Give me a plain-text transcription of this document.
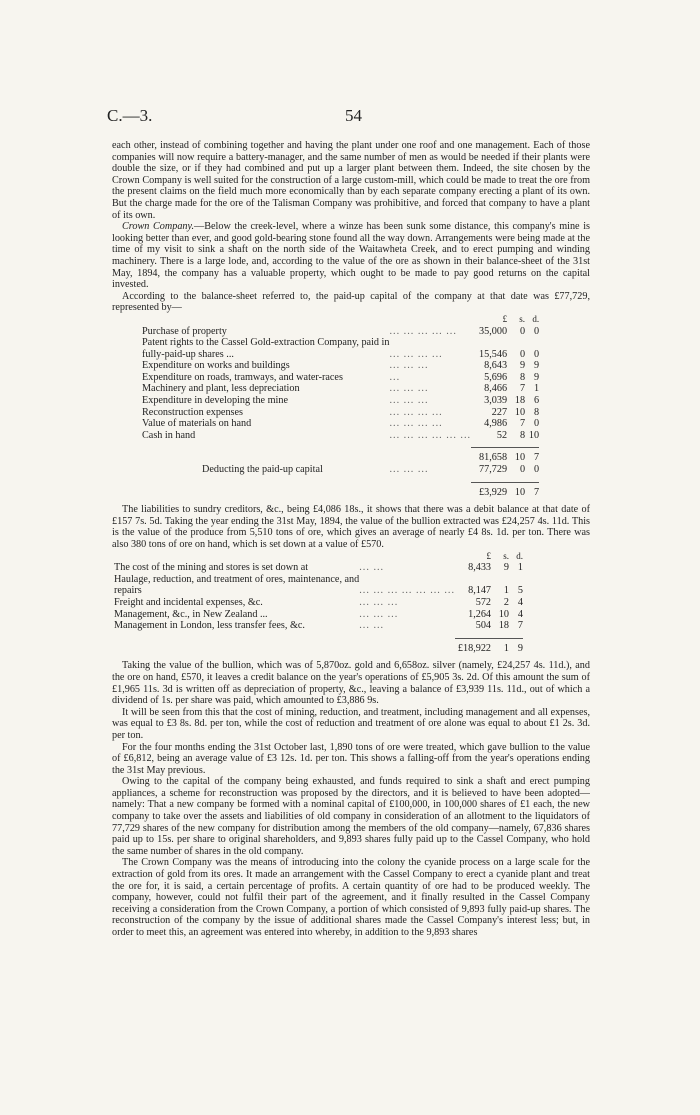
C.—3.	54

each other, instead of combining together and having the plant under one roof and one management. Each of those companies will now require a battery-manager, and the same number of men as would be needed if their plants were double the size, or if they had combined and put up a larger plant between them. Indeed, the site chosen by the Crown Company is well suited for the construction of a large custom-mill, which could be made to treat the ore from the present claims on the field much more economically than by each separate company erecting a plant of its own. But the charge made for the ore of the Talisman Company was prohibitive, and forced that company to have a plant of its own.

Crown Company.—Below the creek-level, where a winze has been sunk some distance, this company's mine is looking better than ever, and good gold-bearing stone found all the way down. Arrangements were being made at the time of my visit to sink a shaft on the north side of the Waitawheta Creek, and to erect pumping and winding machinery. There is a large lode, and, according to the value of the ore as shown in their balance-sheet of the 31st May, 1894, the company has a valuable property, which ought to be made to pay good returns on the capital invested.

According to the balance-sheet referred to, the paid-up capital of the company at that date was £77,729, represented by—

		£	s.	d.
Purchase of property	... ... ... ... ...	35,000	0	0
Patent rights to the Cassel Gold-extraction Company, paid in				
fully-paid-up shares ...	... ... ... ...	15,546	0	0
Expenditure on works and buildings	... ... ...	8,643	9	9
Expenditure on roads, tramways, and water-races	...	5,696	8	9
Machinery and plant, less depreciation	... ... ...	8,466	7	1
Expenditure in developing the mine	... ... ...	3,039	18	6
Reconstruction expenses	... ... ... ...	227	10	8
Value of materials on hand	... ... ... ...	4,986	7	0
Cash in hand	... ... ... ... ... ...	52	8	10

		81,658	10	7
Deducting the paid-up capital	... ... ...	77,729	0	0

		£3,929	10	7

The liabilities to sundry creditors, &c., being £4,086 18s., it shows that there was a debit balance at that date of £157 7s. 5d. Taking the year ending the 31st May, 1894, the value of the bullion extracted was £24,257 4s. 11d. This is the value of the produce from 5,510 tons of ore, which gives an average of nearly £4 8s. 1d. per ton. There was also 380 tons of ore on hand, which is set down at a value of £570.

		£	s.	d.
The cost of the mining and stores is set down at	... ...	8,433	9	1
Haulage, reduction, and treatment of ores, maintenance, and				
repairs	... ... ... ... ... ... ...	8,147	1	5
Freight and incidental expenses, &c.	... ... ...	572	2	4
Management, &c., in New Zealand ...	... ... ...	1,264	10	4
Management in London, less transfer fees, &c.	... ...	504	18	7

		£18,922	1	9

Taking the value of the bullion, which was of 5,870oz. gold and 6,658oz. silver (namely, £24,257 4s. 11d.), and the ore on hand, £570, it leaves a credit balance on the year's operations of £5,905 3s. 2d. Of this amount the sum of £1,965 11s. 3d is written off as depreciation of property, &c., leaving a balance of £3,939 11s. 11d., out of which a dividend of 1s. per share was paid, which amounted to £3,886 9s.

It will be seen from this that the cost of mining, reduction, and treatment, including management and all expenses, was equal to £3 8s. 8d. per ton, while the cost of reduction and treatment of ore alone was equal to about £1 2s. 3d. per ton.

For the four months ending the 31st October last, 1,890 tons of ore were treated, which gave bullion to the value of £6,812, being an average value of £3 12s. 1d. per ton. This shows a falling-off from the year's operations ending the 31st May previous.

Owing to the capital of the company being exhausted, and funds required to sink a shaft and erect pumping appliances, a scheme for reconstruction was proposed by the directors, and it is believed to have been adopted—namely: That a new company be formed with a nominal capital of £100,000, in 100,000 shares of £1 each, the new company to take over the assets and liabilities of old company in consideration of an allotment to the liquidators of 77,729 shares of the new company for distribution among the members of the old company—namely, 67,836 shares paid up to 15s. per share to original shareholders, and 9,893 shares fully paid up to the Cassel Company, who hold the same number of shares in the old company.

The Crown Company was the means of introducing into the colony the cyanide process on a large scale for the extraction of gold from its ores. It made an arrangement with the Cassel Company to erect a cyanide plant and treat the ore for, it is said, a certain percentage of profits. A certain quantity of ore had to be produced weekly. The company, however, could not fulfil their part of the agreement, and it finally resulted in the Cassel Company receiving a consideration from the Crown Company, a portion of which consisted of 9,893 fully paid-up shares. The reconstruction of the company by the issue of additional shares made the Cassel Company's interest less; but, in order to meet this, an agreement was entered into whereby, in addition to the 9,893 shares
